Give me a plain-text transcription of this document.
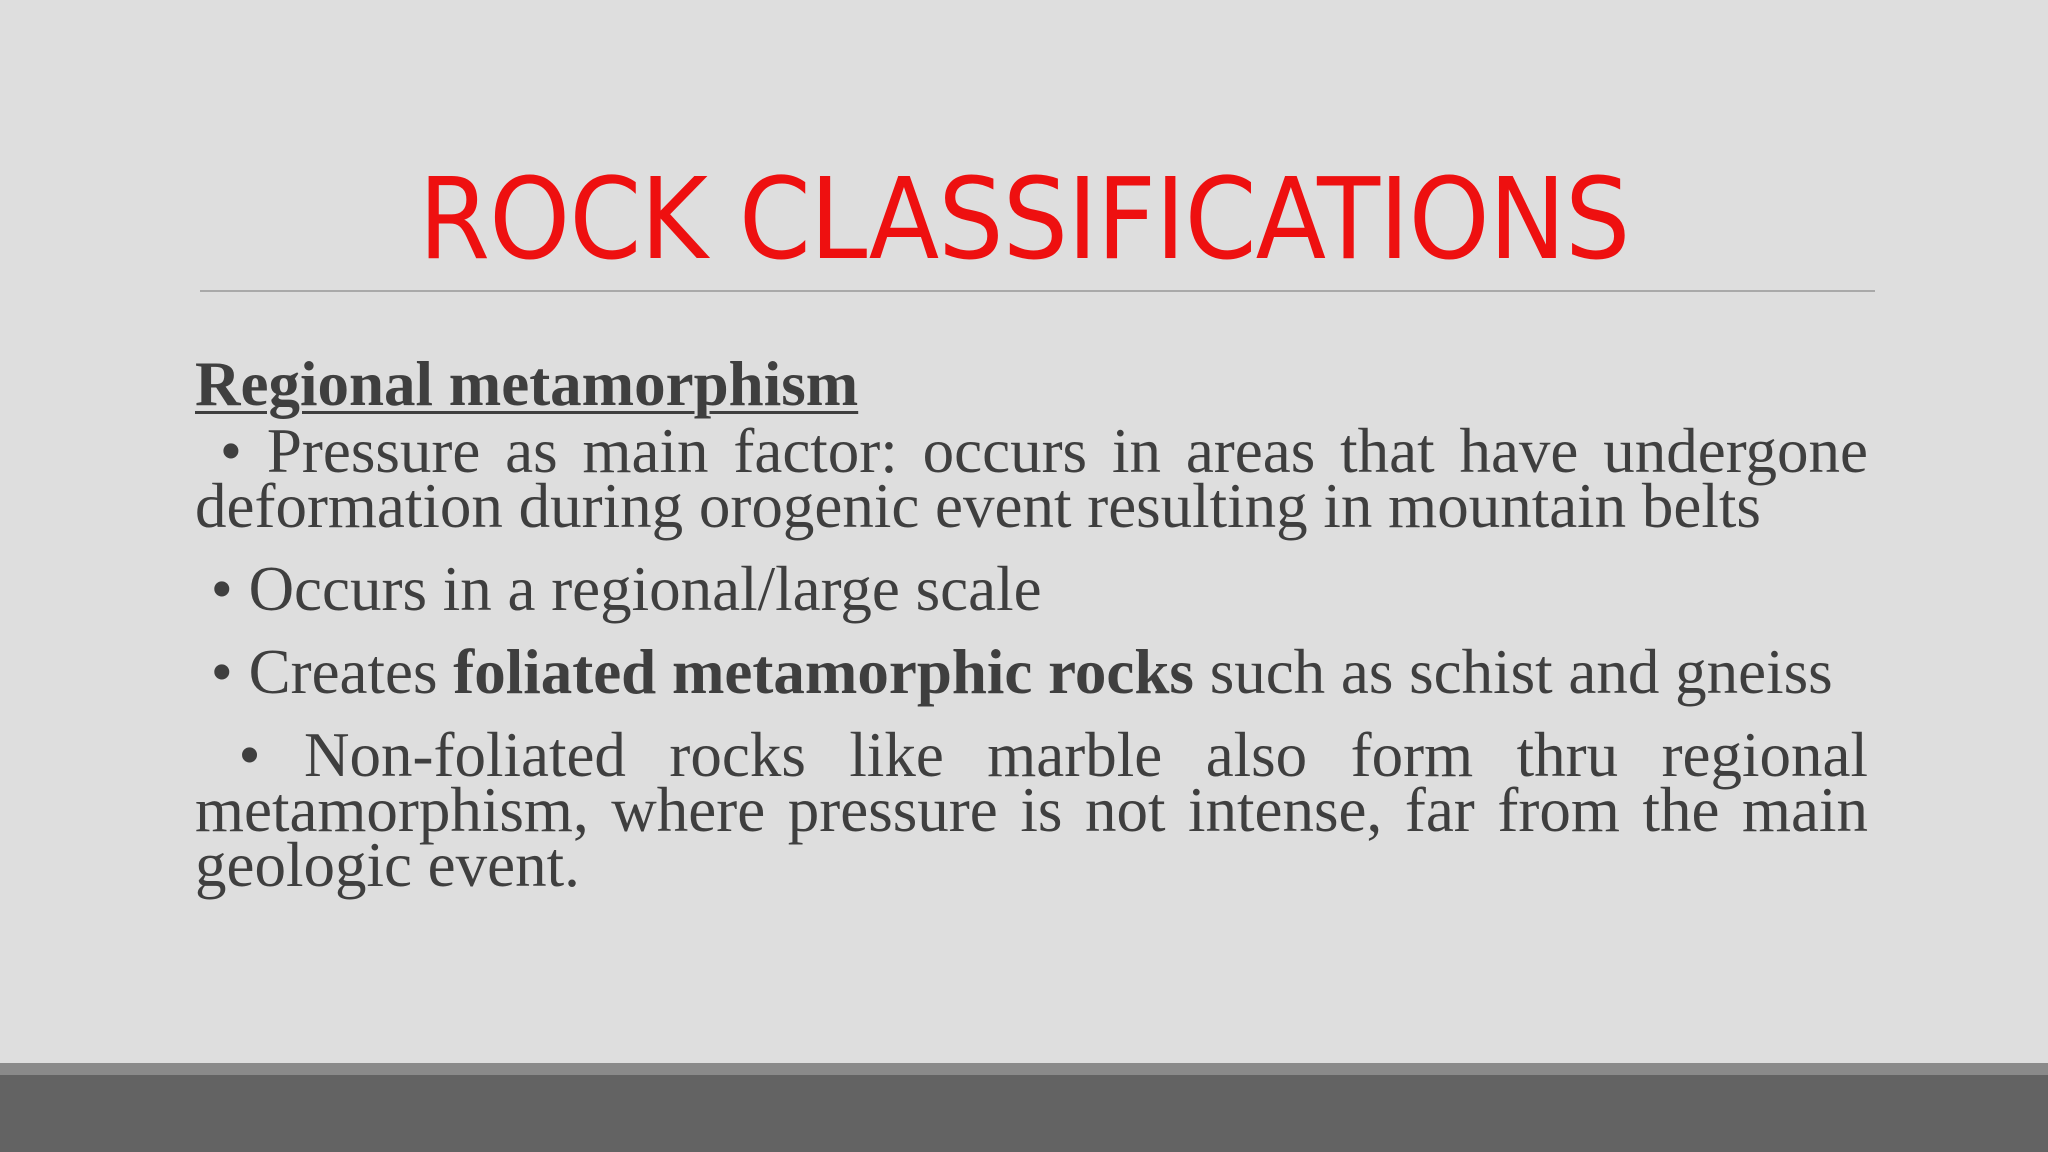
ROCK CLASSIFICATIONS
Regional metamorphism
• Pressure as main factor: occurs in areas that have undergone deformation during orogenic event resulting in mountain belts
• Occurs in a regional/large scale
• Creates foliated metamorphic rocks such as schist and gneiss
• Non-foliated rocks like marble also form thru regional metamorphism, where pressure is not intense, far from the main geologic event.
